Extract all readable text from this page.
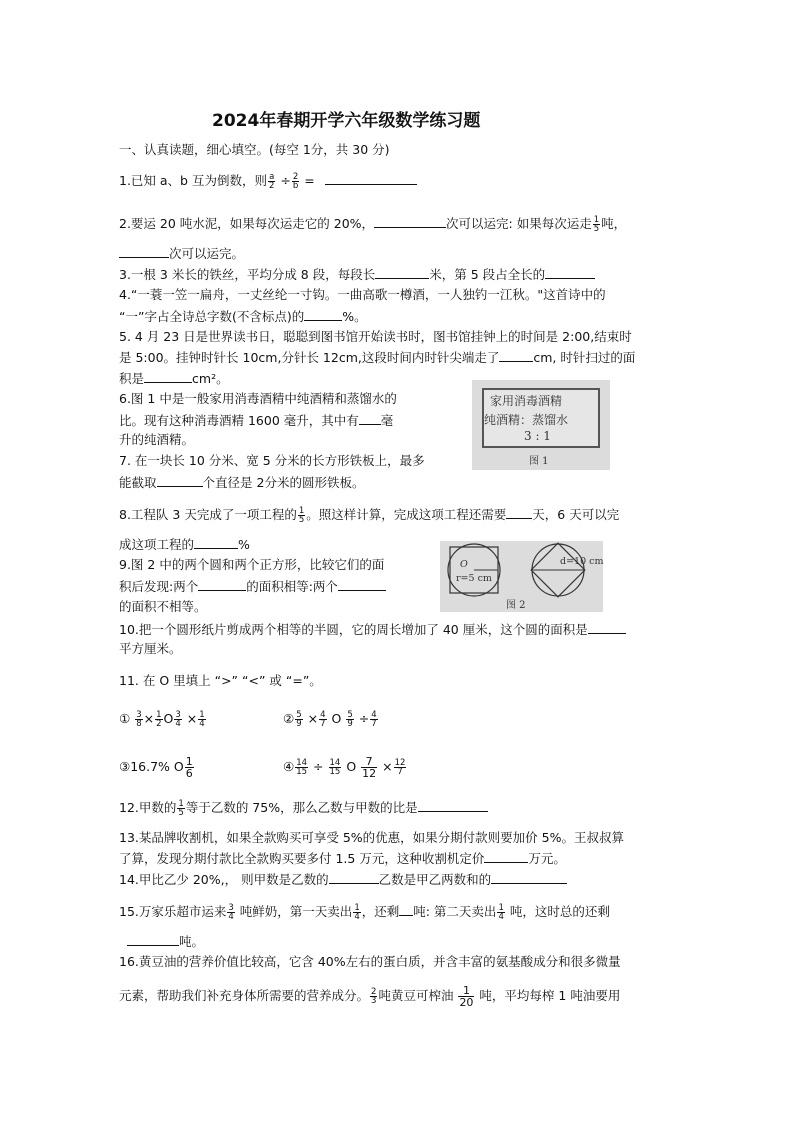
2024年春期开学六年级数学练习题
一、认真读题，细心填空。(每空 1分，共 30 分)
1.已知 a、b 互为倒数，则 $\frac{a}{2} \div \frac{2}{b}$ =
2.要运 20 吨水泥，如果每次运走它的 20%，	次可以运完: 如果每次运走 $\frac{1}{5}$ 吨，
次可以运完。
3.一根 3 米长的铁丝，平均分成 8 段，每段长	米，第 5 段占全长的
4.“一蓑一笠一扁舟，一丈丝纶一寸钩。一曲高歌一樽酒，一人独钓一江秋。"这首诗中的
“一”字占全诗总字数(不含标点)的	%。
5. 4 月 23 日是世界读书日，聪聪到图书馆开始读书时，图书馆挂钟上的时间是 2:00,结束时
是 5:00。挂钟时针长 10cm,分针长 12cm,这段时间内时针尖端走了	cm, 时针扫过的面
积是	cm²。
6.图 1 中是一般家用消毒酒精中纯酒精和蒸馏水的
比。现有这种消毒酒精 1600 毫升，其中有 毫
升的纯酒精。
家用消毒酒精
纯酒精：蒸馏水
3 : 1
图 1
7. 在一块长 10 分米、宽 5 分米的长方形铁板上，最多
能截取	个直径是 2分米的圆形铁板。
8.工程队 3 天完成了一项工程的 $\frac{1}{5}$ 。照这样计算，完成这项工程还需要 天，6 天可以完
成这项工程的	%
9.图 2 中的两个圆和两个正方形，比较它们的面
积后发现:两个	的面积相等:两个
的面积不相等。
O
r=5 cm
d=10 cm
图 2
10.把一个圆形纸片剪成两个相等的半圆，它的周长增加了 40 厘米，这个圆的面积是
平方厘米。
11. 在 O 里填上 “>” “<” 或 “=”。
① $\frac{3}{8} \times \frac{1}{2}$ O $\frac{3}{4} \times \frac{1}{4}$	② $\frac{5}{9} \times \frac{4}{7}$ O $\frac{5}{9} \div \frac{4}{7}$
③16.7% O $\frac{1}{6}$	④ $\frac{14}{15} \div \frac{14}{15}$ O $\frac{7}{12} \times \frac{12}{7}$
12.甲数的 $\frac{1}{5}$ 等于乙数的 75%，那么乙数与甲数的比是
13.某品牌收割机，如果全款购买可享受 5%的优惠，如果分期付款则要加价 5%。王叔叔算
了算，发现分期付款比全款购买要多付 1.5 万元，这种收割机定价	万元。
14.甲比乙少 20%,， 则甲数是乙数的	乙数是甲乙两数和的
15.万家乐超市运来 $\frac{3}{4}$ 吨鲜奶，第一天卖出 $\frac{1}{4}$ ，还剩 吨: 第二天卖出 $\frac{1}{4}$ 吨，这时总的还剩
吨。
16.黄豆油的营养价值比较高，它含 40%左右的蛋白质，并含丰富的氨基酸成分和很多微量
元素，帮助我们补充身体所需要的营养成分。 $\frac{2}{3}$ 吨黄豆可榨油 $\frac{1}{20}$ 吨，平均每榨 1 吨油要用
